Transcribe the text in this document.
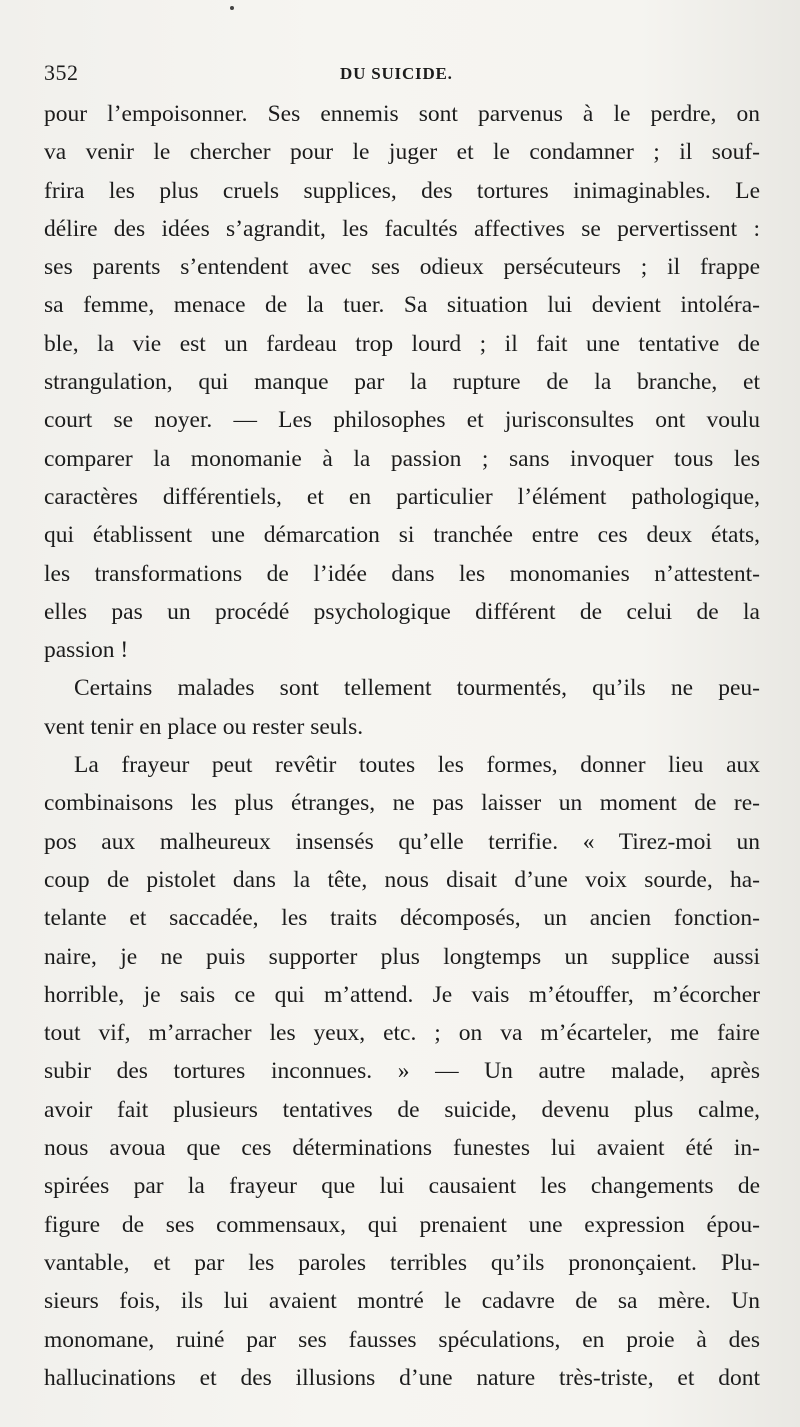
352	DU SUICIDE.
pour l’empoisonner. Ses ennemis sont parvenus à le perdre, on
va venir le chercher pour le juger et le condamner ; il souf-
frira les plus cruels supplices, des tortures inimaginables. Le
délire des idées s’agrandit, les facultés affectives se pervertissent :
ses parents s’entendent avec ses odieux persécuteurs ; il frappe
sa femme, menace de la tuer. Sa situation lui devient intoléra-
ble, la vie est un fardeau trop lourd ; il fait une tentative de
strangulation, qui manque par la rupture de la branche, et
court se noyer. — Les philosophes et jurisconsultes ont voulu
comparer la monomanie à la passion ; sans invoquer tous les
caractères différentiels, et en particulier l’élément pathologique,
qui établissent une démarcation si tranchée entre ces deux états,
les transformations de l’idée dans les monomanies n’attestent-
elles pas un procédé psychologique différent de celui de la
passion !
Certains malades sont tellement tourmentés, qu’ils ne peu-
vent tenir en place ou rester seuls.
La frayeur peut revêtir toutes les formes, donner lieu aux
combinaisons les plus étranges, ne pas laisser un moment de re-
pos aux malheureux insensés qu’elle terrifie. « Tirez-moi un
coup de pistolet dans la tête, nous disait d’une voix sourde, ha-
telante et saccadée, les traits décomposés, un ancien fonction-
naire, je ne puis supporter plus longtemps un supplice aussi
horrible, je sais ce qui m’attend. Je vais m’étouffer, m’écorcher
tout vif, m’arracher les yeux, etc. ; on va m’écarteler, me faire
subir des tortures inconnues. » — Un autre malade, après
avoir fait plusieurs tentatives de suicide, devenu plus calme,
nous avoua que ces déterminations funestes lui avaient été in-
spirées par la frayeur que lui causaient les changements de
figure de ses commensaux, qui prenaient une expression épou-
vantable, et par les paroles terribles qu’ils prononçaient. Plu-
sieurs fois, ils lui avaient montré le cadavre de sa mère. Un
monomane, ruiné par ses fausses spéculations, en proie à des
hallucinations et des illusions d’une nature très-triste, et dont
